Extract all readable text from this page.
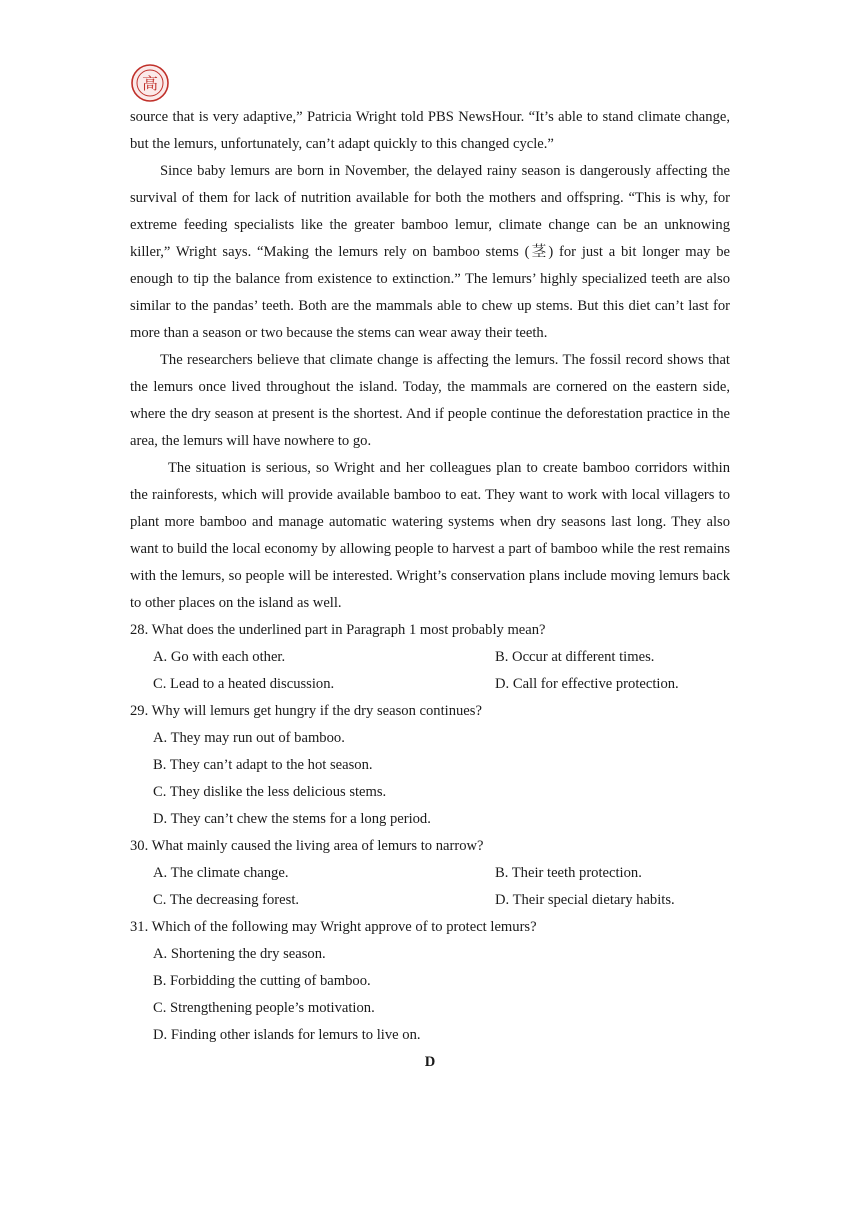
高

source that is very adaptive,” Patricia Wright told PBS NewsHour. “It’s able to stand climate change, but the lemurs, unfortunately, can’t adapt quickly to this changed cycle.”

Since baby lemurs are born in November, the delayed rainy season is dangerously affecting the survival of them for lack of nutrition available for both the mothers and offspring. “This is why, for extreme feeding specialists like the greater bamboo lemur, climate change can be an unknowing killer,” Wright says. “Making the lemurs rely on bamboo stems (茎) for just a bit longer may be enough to tip the balance from existence to extinction.” The lemurs’ highly specialized teeth are also similar to the pandas’ teeth. Both are the mammals able to chew up stems. But this diet can’t last for more than a season or two because the stems can wear away their teeth.

The researchers believe that climate change is affecting the lemurs. The fossil record shows that the lemurs once lived throughout the island. Today, the mammals are cornered on the eastern side, where the dry season at present is the shortest. And if people continue the deforestation practice in the area, the lemurs will have nowhere to go.

The situation is serious, so Wright and her colleagues plan to create bamboo corridors within the rainforests, which will provide available bamboo to eat. They want to work with local villagers to plant more bamboo and manage automatic watering systems when dry seasons last long. They also want to build the local economy by allowing people to harvest a part of bamboo while the rest remains with the lemurs, so people will be interested. Wright’s conservation plans include moving lemurs back to other places on the island as well.

28. What does the underlined part in Paragraph 1 most probably mean?

A. Go with each other.	B. Occur at different times.
C. Lead to a heated discussion.	D. Call for effective protection.

29. Why will lemurs get hungry if the dry season continues?

A. They may run out of bamboo.

B. They can’t adapt to the hot season.

C. They dislike the less delicious stems.

D. They can’t chew the stems for a long period.

30. What mainly caused the living area of lemurs to narrow?

A. The climate change.	B. Their teeth protection.
C. The decreasing forest.	D. Their special dietary habits.

31. Which of the following may Wright approve of to protect lemurs?

A. Shortening the dry season.

B. Forbidding the cutting of bamboo.

C. Strengthening people’s motivation.

D. Finding other islands for lemurs to live on.

D
